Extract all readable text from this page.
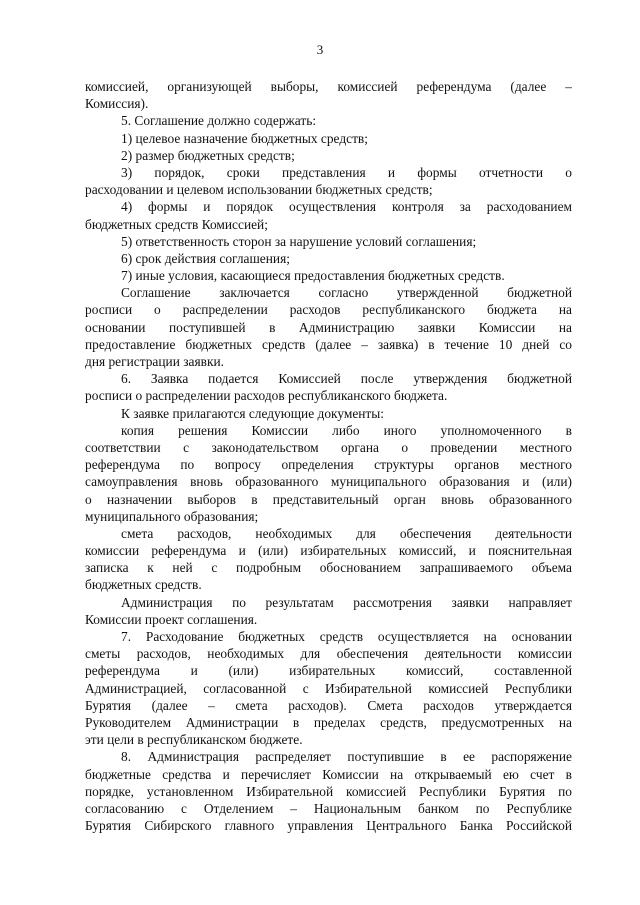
3
комиссией, организующей выборы, комиссией референдума (далее –
Комиссия).
5. Соглашение должно содержать:
1) целевое назначение бюджетных средств;
2) размер бюджетных средств;
3) порядок, сроки представления и формы отчетности о
расходовании и целевом использовании бюджетных средств;
4) формы и порядок осуществления контроля за расходованием
бюджетных средств Комиссией;
5) ответственность сторон за нарушение условий соглашения;
6) срок действия соглашения;
7) иные условия, касающиеся предоставления бюджетных средств.
Соглашение заключается согласно утвержденной бюджетной
росписи о распределении расходов республиканского бюджета на
основании поступившей в Администрацию заявки Комиссии на
предоставление бюджетных средств (далее – заявка) в течение 10 дней со
дня регистрации заявки.
6. Заявка подается Комиссией после утверждения бюджетной
росписи о распределении расходов республиканского бюджета.
К заявке прилагаются следующие документы:
копия решения Комиссии либо иного уполномоченного в
соответствии с законодательством органа о проведении местного
референдума по вопросу определения структуры органов местного
самоуправления вновь образованного муниципального образования и (или)
о назначении выборов в представительный орган вновь образованного
муниципального образования;
смета расходов, необходимых для обеспечения деятельности
комиссии референдума и (или) избирательных комиссий, и пояснительная
записка к ней с подробным обоснованием запрашиваемого объема
бюджетных средств.
Администрация по результатам рассмотрения заявки направляет
Комиссии проект соглашения.
7. Расходование бюджетных средств осуществляется на основании
сметы расходов, необходимых для обеспечения деятельности комиссии
референдума и (или) избирательных комиссий, составленной
Администрацией, согласованной с Избирательной комиссией Республики
Бурятия (далее – смета расходов). Смета расходов утверждается
Руководителем Администрации в пределах средств, предусмотренных на
эти цели в республиканском бюджете.
8. Администрация распределяет поступившие в ее распоряжение
бюджетные средства и перечисляет Комиссии на открываемый ею счет в
порядке, установленном Избирательной комиссией Республики Бурятия по
согласованию с Отделением – Национальным банком по Республике
Бурятия Сибирского главного управления Центрального Банка Российской
